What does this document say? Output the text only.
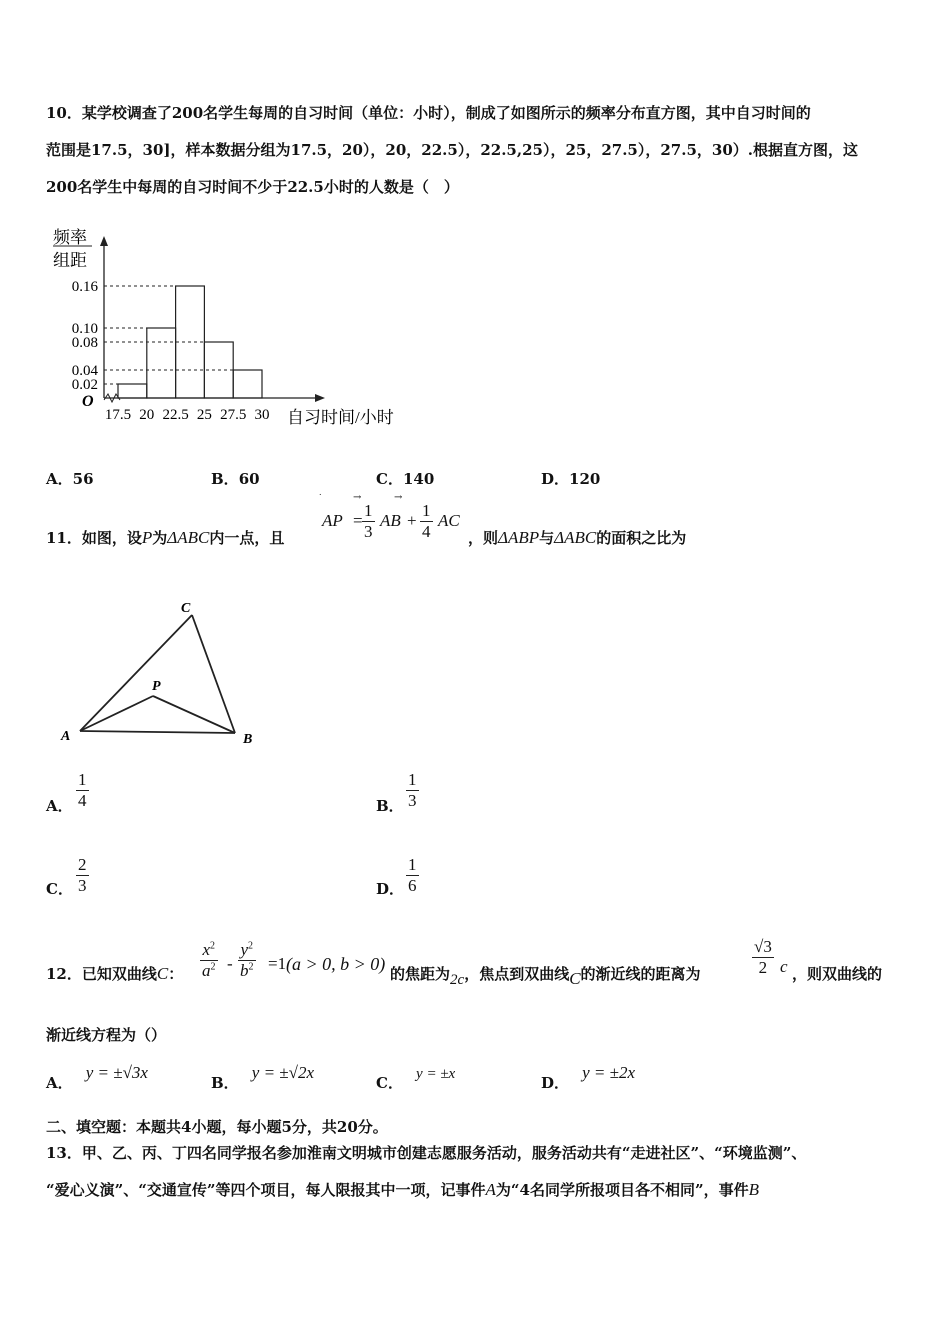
10．某学校调查了200名学生每周的自习时间（单位：小时），制成了如图所示的频率分布直方图，其中自习时间的
范围是17.5，30]，样本数据分组为17.5，20），20，22.5），22.5,25），25，27.5），27.5，30）.根据直方图，这
200名学生中每周的自习时间不少于22.5小时的人数是（　）
频率
组距
O
0.16
0.10
0.08
0.04
0.02
17.5 20 22.5 25 27.5 30 自习时间/小时
A．56	B．60	C．140	D．120
11．如图，设P为ΔABC内一点，且
˙	→	→
AP = $\frac{1}{3}$ AB + $\frac{1}{4}$ AC
，则ΔABP与ΔABC的面积之比为
A	B
C
P
A． $\frac{1}{4}$	B． $\frac{1}{3}$
C． $\frac{2}{3}$	D． $\frac{1}{6}$
12．已知双曲线C： $\frac{x^2}{a^2} - \frac{y^2}{b^2} =1$ (a > 0, b > 0) 的焦距为2c，焦点到双曲线C的渐近线的距离为	$\frac{√3}{2}$ c ，则双曲线的
渐近线方程为（）
A． y = ±√3x
B． y = ±√2x
C． y = ±x	D． y = ±2x
二、填空题：本题共4小题，每小题5分，共20分。
13．甲、乙、丙、丁四名同学报名参加淮南文明城市创建志愿服务活动，服务活动共有“走进社区”、“环境监测”、
“爱心义演”、“交通宣传”等四个项目，每人限报其中一项，记事件A为“4名同学所报项目各不相同”，事件B
